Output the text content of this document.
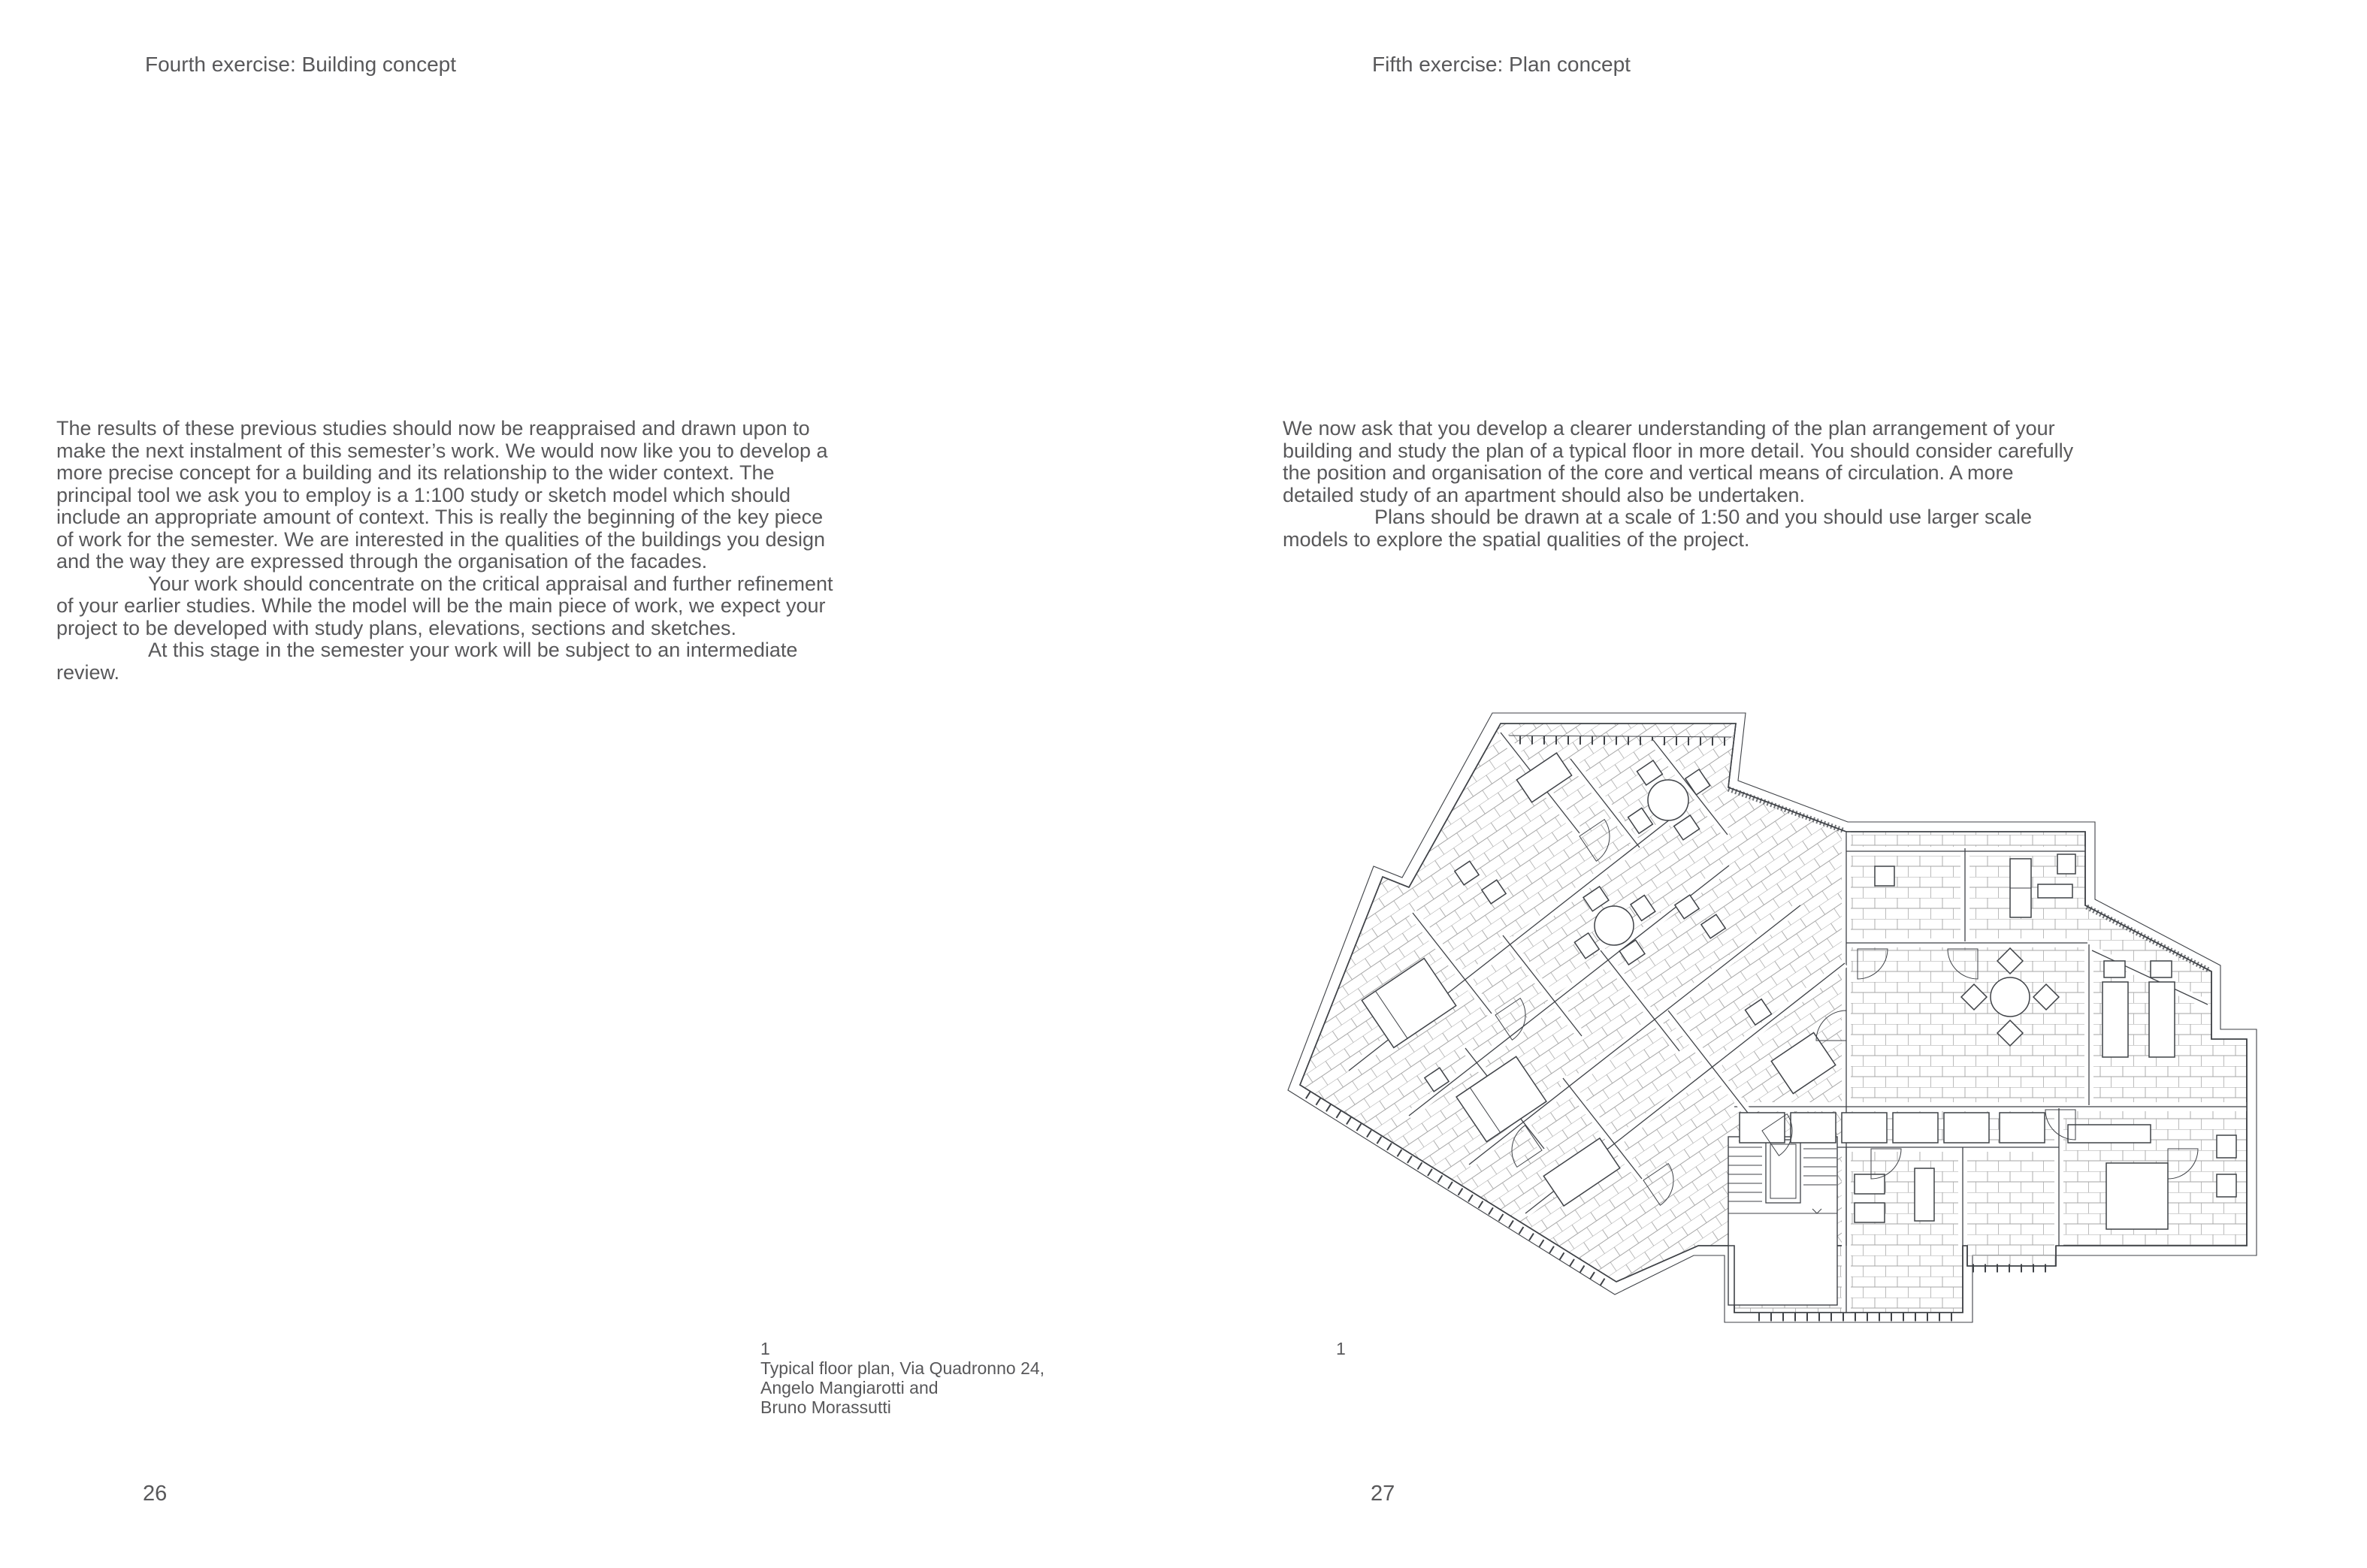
Fourth exercise: Building concept

The results of these previous studies should now be reappraised and drawn upon to make the next instalment of this semester’s work. We would now like you to develop a more precise concept for a building and its relationship to the wider context. The principal tool we ask you to employ is a 1:100 study or sketch model which should include an appropriate amount of context. This is really the beginning of the key piece of work for the semester. We are interested in the qualities of the buildings you design and the way they are expressed through the organisation of the facades.

Your work should concentrate on the critical appraisal and further refinement of your earlier studies. While the model will be the main piece of work, we expect your project to be developed with study plans, elevations, sections and sketches.

At this stage in the semester your work will be subject to an intermediate review.

1
Typical floor plan, Via Quadronno 24,
Angelo Mangiarotti and
Bruno Morassutti
26
Fifth exercise: Plan concept

We now ask that you develop a clearer understanding of the plan arrangement of your building and study the plan of a typical floor in more detail. You should consider carefully the position and organisation of the core and vertical means of circulation. A more detailed study of an apartment should also be undertaken.

Plans should be drawn at a scale of 1:50 and you should use larger scale models to explore the spatial qualities of the project.

1
27
